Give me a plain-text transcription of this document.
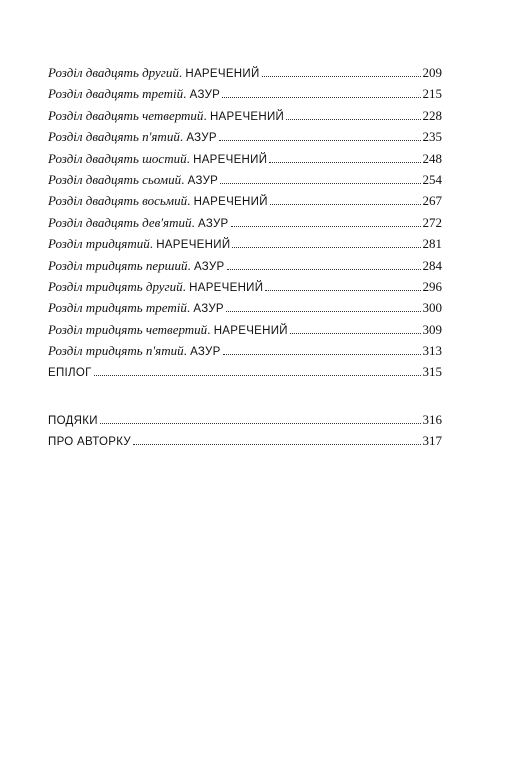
Розділ двадцять другий. НАРЕЧЕНИЙ	209
Розділ двадцять третій. АЗУР	215
Розділ двадцять четвертий. НАРЕЧЕНИЙ	228
Розділ двадцять п'ятий. АЗУР	235
Розділ двадцять шостий. НАРЕЧЕНИЙ	248
Розділ двадцять сьомий. АЗУР	254
Розділ двадцять восьмий. НАРЕЧЕНИЙ	267
Розділ двадцять дев'ятий. АЗУР	272
Розділ тридцятий. НАРЕЧЕНИЙ	281
Розділ тридцять перший. АЗУР	284
Розділ тридцять другий. НАРЕЧЕНИЙ	296
Розділ тридцять третій. АЗУР	300
Розділ тридцять четвертий. НАРЕЧЕНИЙ	309
Розділ тридцять п'ятий. АЗУР	313
ЕПІЛОГ	315
ПОДЯКИ	316
ПРО АВТОРКУ	317
